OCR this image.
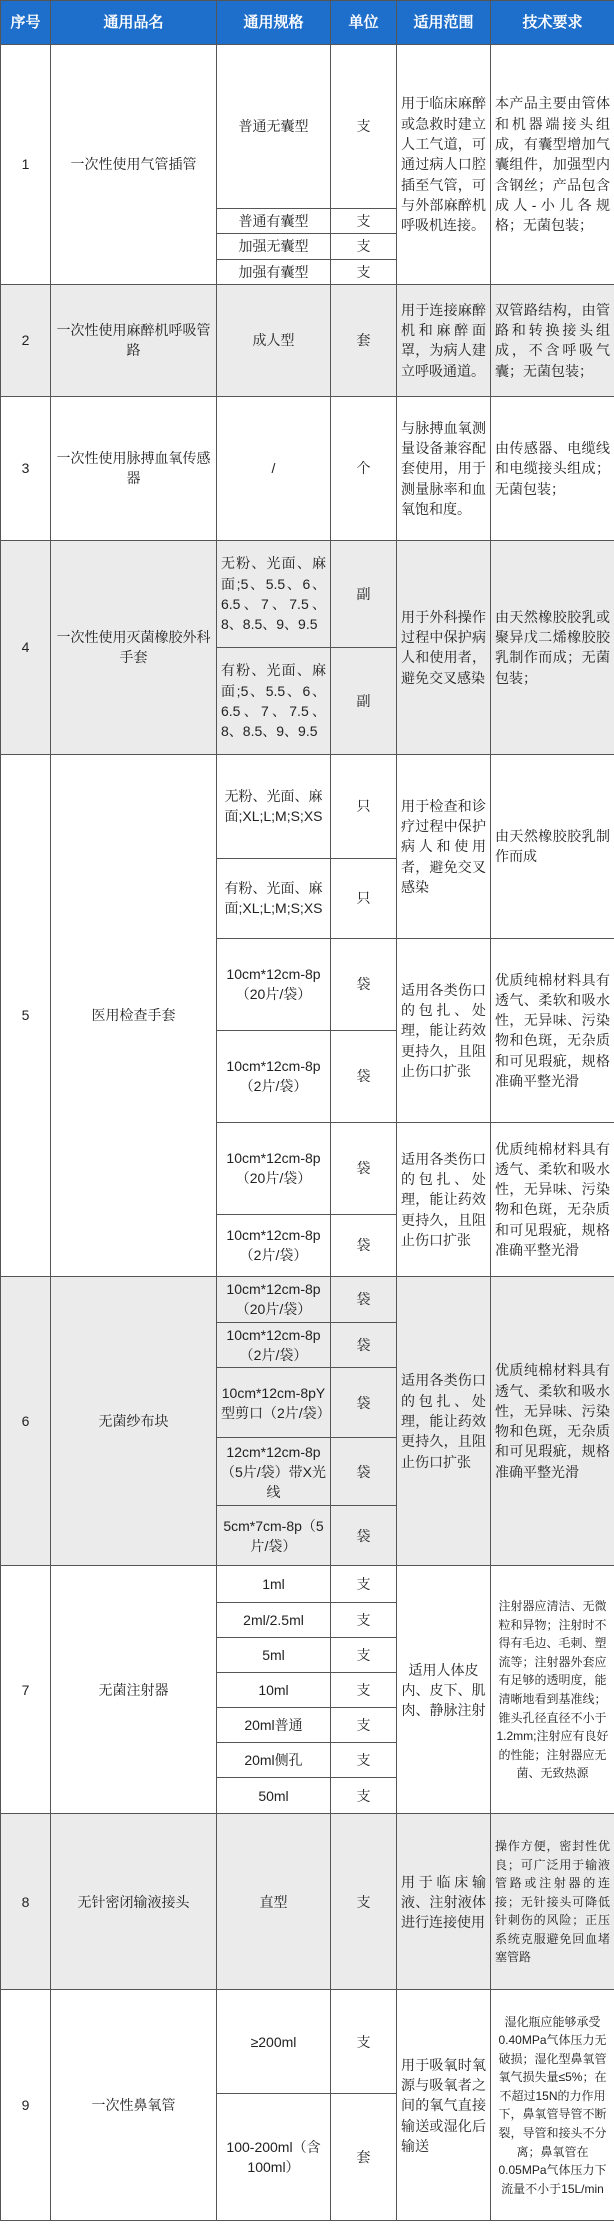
序号	通用品名	通用规格	单位	适用范围	技术要求
1	一次性使用气管插管	普通无囊型	支	用于临床麻醉或急救时建立人工气道，可通过病人口腔插至气管，可与外部麻醉机呼吸机连接。	本产品主要由管体和机器端接头组成，有囊型增加气囊组件，加强型内含钢丝；产品包含成人-小儿各规格；无菌包装；
		普通有囊型	支		
		加强无囊型	支		
		加强有囊型	支		
2	一次性使用麻醉机呼吸管路	成人型	套	用于连接麻醉机和麻醉面罩，为病人建立呼吸通道。	双管路结构，由管路和转换接头组成，不含呼吸气囊；无菌包装；
3	一次性使用脉搏血氧传感器	/	个	与脉搏血氧测量设备兼容配套使用，用于测量脉率和血氧饱和度。	由传感器、电缆线和电缆接头组成；无菌包装；
4	一次性使用灭菌橡胶外科手套	无粉、光面、麻面;5、5.5、6、6.5、7、7.5、8、8.5、9、9.5	副	用于外科操作过程中保护病人和使用者，避免交叉感染	由天然橡胶胶乳或聚异戊二烯橡胶胶乳制作而成；无菌包装；
		有粉、光面、麻面;5、5.5、6、6.5、7、7.5、8、8.5、9、9.5	副		
5	医用检查手套	无粉、光面、麻面;XL;L;M;S;XS	只	用于检查和诊疗过程中保护病人和使用者，避免交叉感染	由天然橡胶胶乳制作而成
		有粉、光面、麻面;XL;L;M;S;XS	只		
		10cm*12cm-8p（20片/袋）	袋	适用各类伤口的包扎、处理，能让药效更持久，且阻止伤口扩张	优质纯棉材料具有透气、柔软和吸水性，无异味、污染物和色斑，无杂质和可见瑕疵，规格准确平整光滑
		10cm*12cm-8p（2片/袋）	袋		
		10cm*12cm-8p（20片/袋）	袋	适用各类伤口的包扎、处理，能让药效更持久，且阻止伤口扩张	优质纯棉材料具有透气、柔软和吸水性，无异味、污染物和色斑，无杂质和可见瑕疵，规格准确平整光滑
		10cm*12cm-8p（2片/袋）	袋		
6	无菌纱布块	10cm*12cm-8p（20片/袋）	袋	适用各类伤口的包扎、处理，能让药效更持久，且阻止伤口扩张	优质纯棉材料具有透气、柔软和吸水性，无异味、污染物和色斑，无杂质和可见瑕疵，规格准确平整光滑
		10cm*12cm-8p（2片/袋）	袋		
		10cm*12cm-8pY型剪口（2片/袋）	袋		
		12cm*12cm-8p（5片/袋）带X光线	袋		
		5cm*7cm-8p（5片/袋）	袋		
7	无菌注射器	1ml	支	适用人体皮内、皮下、肌肉、静脉注射	注射器应清洁、无微粒和异物；注射时不得有毛边、毛刺、塑流等；注射器外套应有足够的透明度，能清晰地看到基准线；锥头孔径直径不小于1.2mm;注射应有良好的性能；注射器应无菌、无致热源
		2ml/2.5ml	支		
		5ml	支		
		10ml	支		
		20ml普通	支		
		20ml侧孔	支		
		50ml	支		
8	无针密闭输液接头	直型	支	用于临床输液、注射液体进行连接使用	操作方便，密封性优良；可广泛用于输液管路或注射器的连接；无针接头可降低针刺伤的风险；正压系统克服避免回血堵塞管路
9	一次性鼻氧管	≥200ml	支	用于吸氧时氧源与吸氧者之间的氧气直接输送或湿化后输送	湿化瓶应能够承受0.40MPa气体压力无破损；湿化型鼻氧管氧气损失量≤5%；在不超过15N的力作用下，鼻氧管导管不断裂，导管和接头不分离；鼻氧管在0.05MPa气体压力下流量不小于15L/min
		100-200ml（含100ml）	套		
